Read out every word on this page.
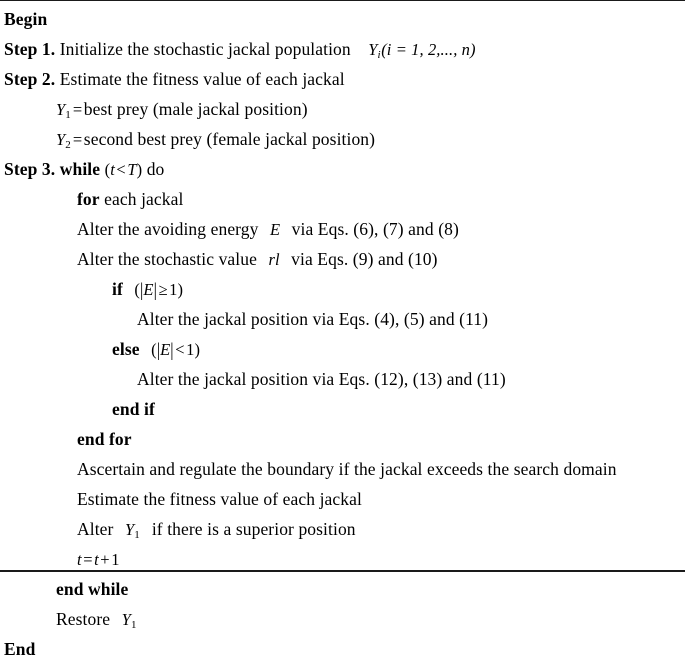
Begin
Step 1. Initialize the stochastic jackal population $Y_i(i = 1$, 2,..., n)
Step 2. Estimate the fitness value of each jackal
$Y_1$ =best prey (male jackal position)
$Y_2$ =second best prey (female jackal position)
Step 3. while (t<T) do
for each jackal
Alter the avoiding energy E via Eqs. (6), (7) and (8)
Alter the stochastic value rl via Eqs. (9) and (10)
if (|E|≥1)
Alter the jackal position via Eqs. (4), (5) and (11)
else (|E|<1)
Alter the jackal position via Eqs. (12), (13) and (11)
end if
end for
Ascertain and regulate the boundary if the jackal exceeds the search domain
Estimate the fitness value of each jackal
Alter $Y_1$ if there is a superior position
t=t+1
end while
Restore $Y_1$
End
